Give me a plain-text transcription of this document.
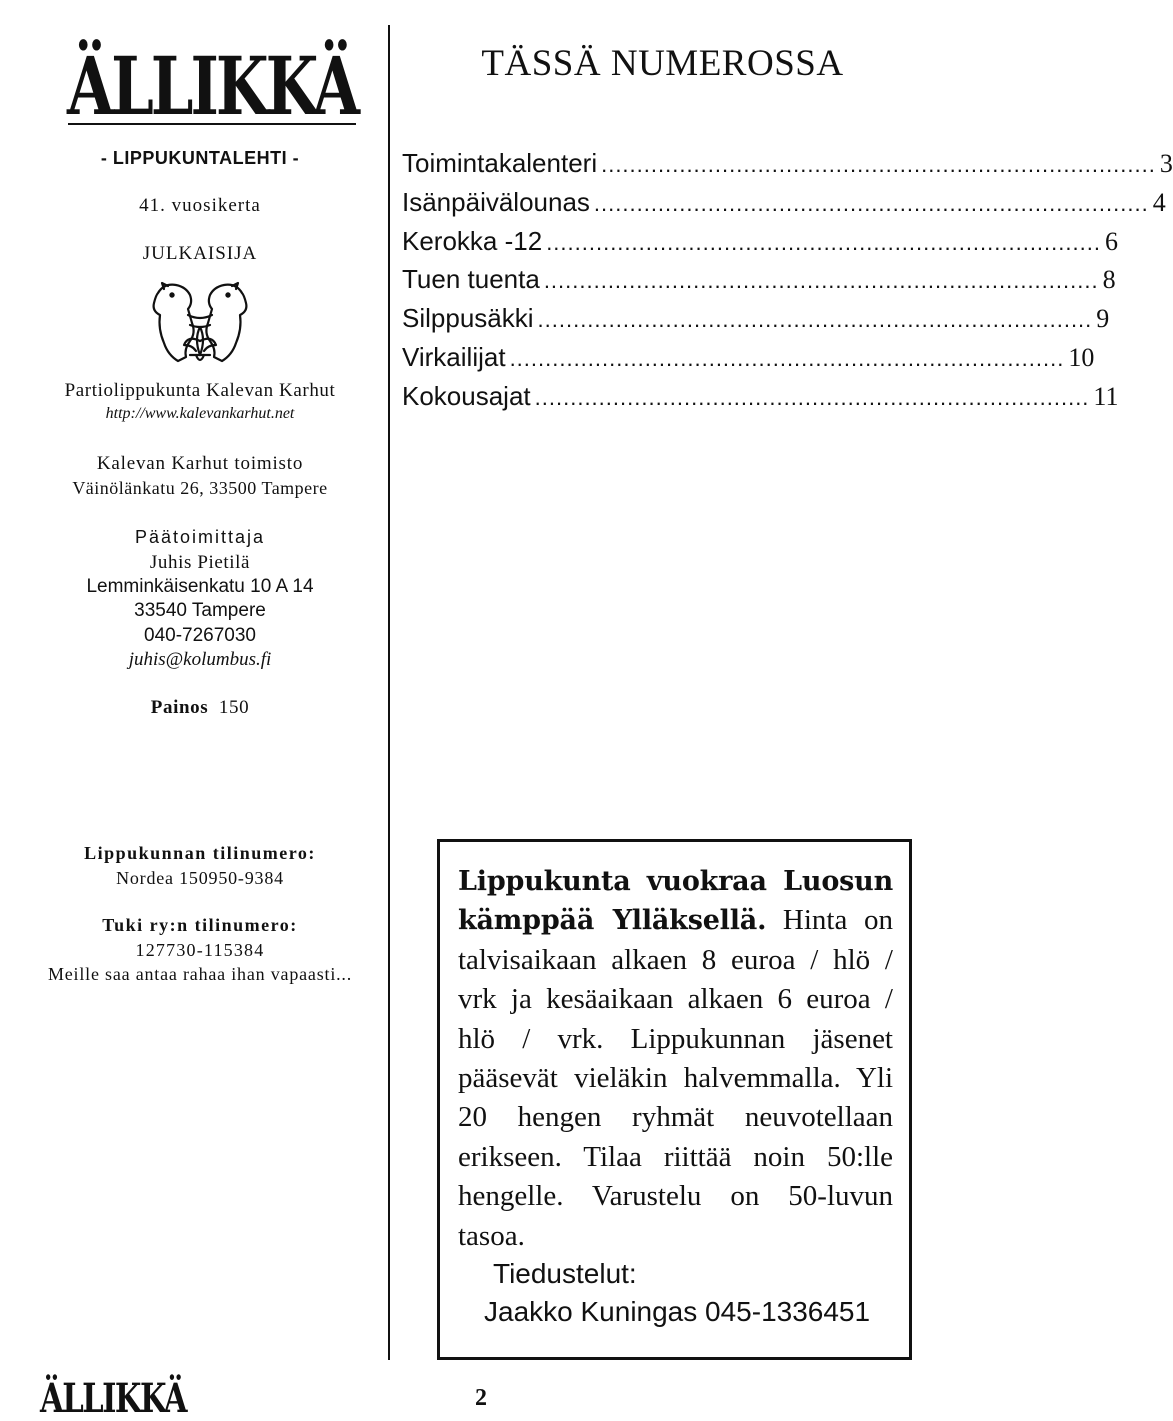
ÄLLIKKÄ
- LIPPUKUNTALEHTI -
41. vuosikerta
JULKAISIJA
Partiolippukunta Kalevan Karhut
http://www.kalevankarhut.net
Kalevan Karhut toimisto
Väinölänkatu 26, 33500 Tampere
Päätoimittaja
Juhis Pietilä
Lemminkäisenkatu 10 A 14
33540 Tampere
040-7267030
juhis@kolumbus.fi
Painos 150
Lippukunnan tilinumero:
Nordea 150950-9384
Tuki ry:n tilinumero:
127730-115384
Meille saa antaa rahaa ihan vapaasti...
TÄSSÄ NUMEROSSA
Toimintakalenteri .............................................................................. 3
Isänpäivälounas .............................................................................. 4
Kerokka -12 .............................................................................. 6
Tuen tuenta .............................................................................. 8
Silppusäkki .............................................................................. 9
Virkailijat .............................................................................. 10
Kokousajat .............................................................................. 11
Lippukunta vuokraa Luosun kämppää Ylläksellä. Hinta on talvisaikaan alkaen 8 euroa / hlö / vrk ja kesäaikaan alkaen 6 euroa / hlö / vrk. Lippukunnan jäsenet pääsevät vieläkin halvemmalla. Yli 20 hengen ryhmät neuvotellaan erikseen. Tilaa riittää noin 50:lle hengelle. Varustelu on 50-luvun tasoa.
Tiedustelut:
Jaakko Kuningas 045-1336451
ÄLLIKKÄ	2
